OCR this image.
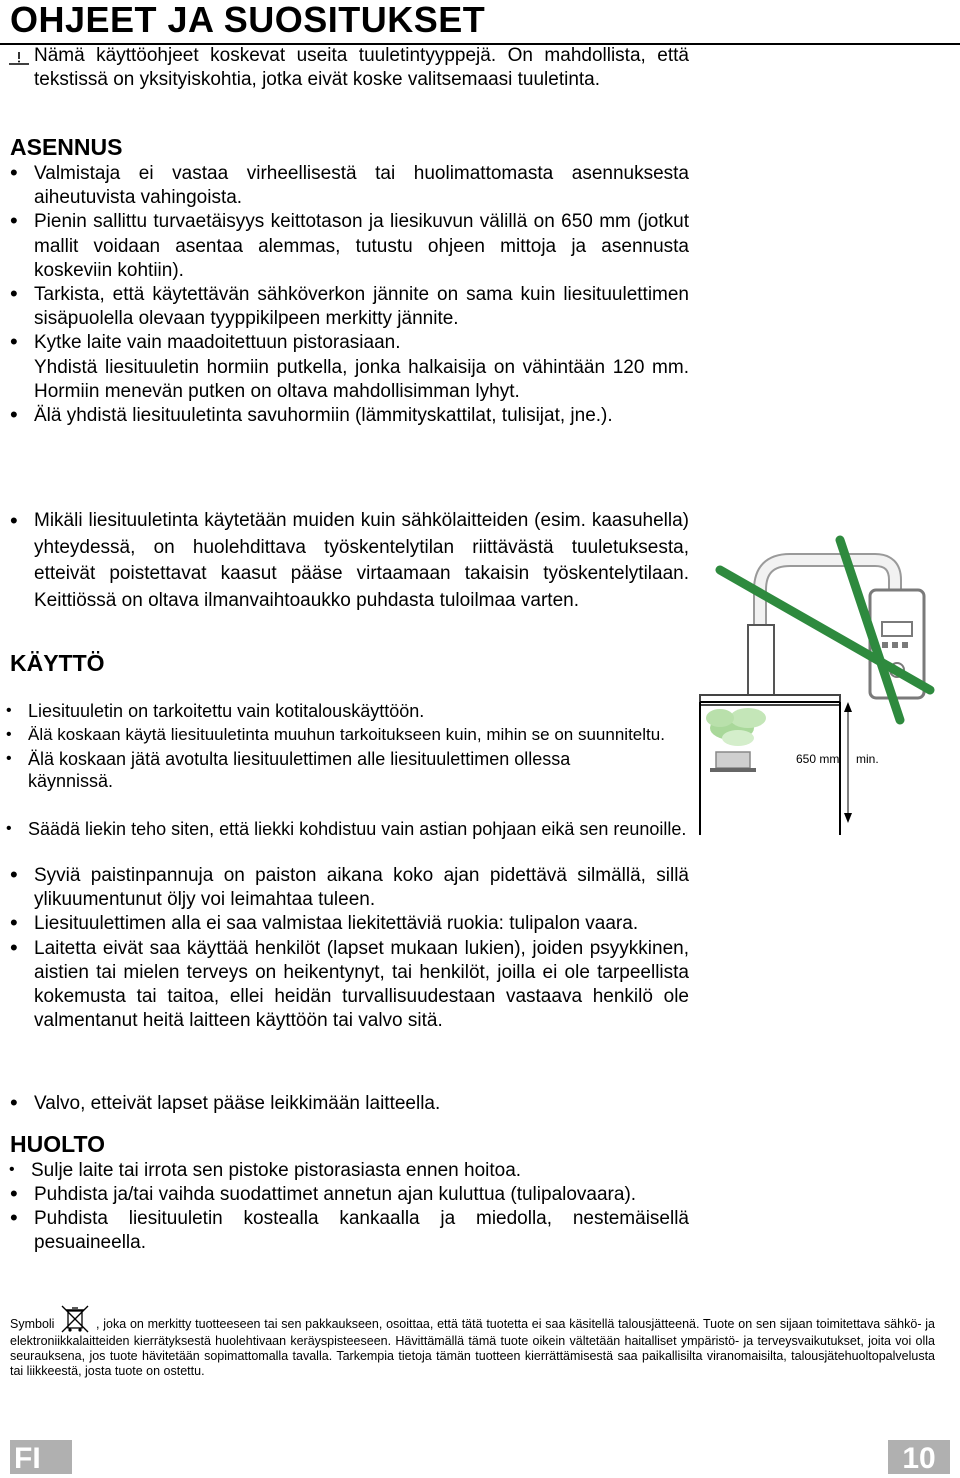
OHJEET JA SUOSITUKSET
Nämä käyttöohjeet koskevat useita tuuletintyyppejä. On mahdollista, että tekstissä on yksityiskohtia, jotka eivät koske valitsemaasi tuuletinta.
ASENNUS
• Valmistaja ei vastaa virheellisestä tai huolimattomasta asennuksesta aiheutuvista vahingoista.
• Pienin sallittu turvaetäisyys keittotason ja liesikuvun välillä on 650 mm (jotkut mallit voidaan asentaa alemmas, tutustu ohjeen mittoja ja asennusta koskeviin kohtiin).
• Tarkista, että käytettävän sähköverkon jännite on sama kuin liesituulettimen sisäpuolella olevaan tyyppikilpeen merkitty jännite.
• Kytke laite vain maadoitettuun pistorasiaan.
Yhdistä liesituuletin hormiin putkella, jonka halkaisija on vähintään 120 mm. Hormiin menevän putken on oltava mahdollisimman lyhyt.
• Älä yhdistä liesituuletinta savuhormiin (lämmityskattilat, tulisijat, jne.).
• Mikäli liesituuletinta käytetään muiden kuin sähkölaitteiden (esim. kaasuhella) yhteydessä, on huolehdittava työskentelytilan riittävästä tuuletuksesta, etteivät poistettavat kaasut pääse virtaamaan takaisin työskentelytilaan. Keittiössä on oltava ilmanvaihtoaukko puhdasta tuloilmaa varten.
KÄYTTÖ
• Liesituuletin on tarkoitettu vain kotitalouskäyttöön.
• Älä koskaan käytä liesituuletinta muuhun tarkoitukseen kuin, mihin se on suunniteltu.
• Älä koskaan jätä avotulta liesituulettimen alle liesituulettimen ollessa käynnissä.
• Säädä liekin teho siten, että liekki kohdistuu vain astian pohjaan eikä sen reunoille.
• Syviä paistinpannuja on paiston aikana koko ajan pidettävä silmällä, sillä ylikuumentunut öljy voi leimahtaa tuleen.
• Liesituulettimen alla ei saa valmistaa liekitettäviä ruokia: tulipalon vaara.
• Laitetta eivät saa käyttää henkilöt (lapset mukaan lukien), joiden psyykkinen, aistien tai mielen terveys on heikentynyt, tai henkilöt, joilla ei ole tarpeellista kokemusta tai taitoa, ellei heidän turvallisuudestaan vastaava henkilö ole valmentanut heitä laitteen käyttöön tai valvo sitä.
• Valvo, etteivät lapset pääse leikkimään laitteella.
HUOLTO
• Sulje laite tai irrota sen pistoke pistorasiasta ennen hoitoa.
• Puhdista ja/tai vaihda suodattimet annetun ajan kuluttua (tulipalovaara).
• Puhdista liesituuletin kostealla kankaalla ja miedolla, nestemäisellä pesuaineella.
650 mm min.
Symboli	, joka on merkitty tuotteeseen tai sen pakkaukseen, osoittaa, että tätä tuotetta ei saa käsitellä talousjätteenä. Tuote on sen sijaan toimitettava sähkö- ja elektroniikkalaitteiden kierrätyksestä huolehtivaan keräyspisteeseen. Hävittämällä tämä tuote oikein vältetään haitalliset ympäristö- ja terveysvaikutukset, joita voi olla seurauksena, jos tuote hävitetään sopimattomalla tavalla. Tarkempia tietoja tämän tuotteen kierrättämisestä saa paikallisilta viranomaisilta, talousjätehuoltopalvelusta tai liikkeestä, josta tuote on ostettu.
FI	10
